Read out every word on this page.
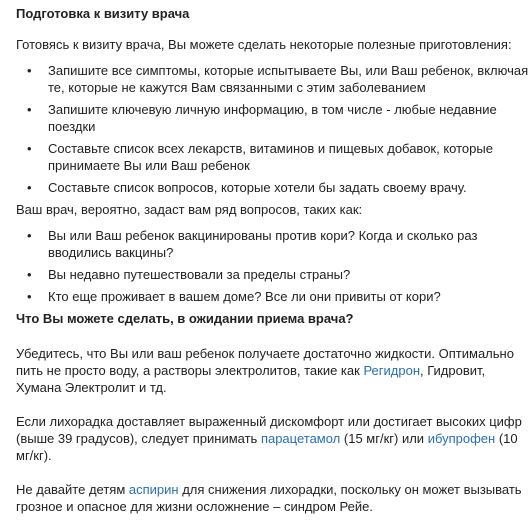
Подготовка к визиту врача

Готовясь к визиту врача, Вы можете сделать некоторые полезные приготовления:

• Запишите все симптомы, которые испытываете Вы, или Ваш ребенок, включая те, которые не кажутся Вам связанными с этим заболеванием
• Запишите ключевую личную информацию, в том числе - любые недавние поездки
• Составьте список всех лекарств, витаминов и пищевых добавок, которые принимаете Вы или Ваш ребенок
• Составьте список вопросов, которые хотели бы задать своему врачу.

Ваш врач, вероятно, задаст вам ряд вопросов, таких как:

• Вы или Ваш ребенок вакцинированы против кори? Когда и сколько раз вводились вакцины?
• Вы недавно путешествовали за пределы страны?
• Кто еще проживает в вашем доме? Все ли они привиты от кори?
Что Вы можете сделать, в ожидании приема врача?

Убедитесь, что Вы или ваш ребенок получаете достаточно жидкости. Оптимально пить не просто воду, а растворы электролитов, такие как Регидрон, Гидровит, Хумана Электролит и тд.

Если лихорадка доставляет выраженный дискомфорт или достигает высоких цифр (выше 39 градусов), следует принимать парацетамол (15 мг/кг) или ибупрофен (10 мг/кг).

Не давайте детям аспирин для снижения лихорадки, поскольку он может вызывать грозное и опасное для жизни осложнение – синдром Рейе.
